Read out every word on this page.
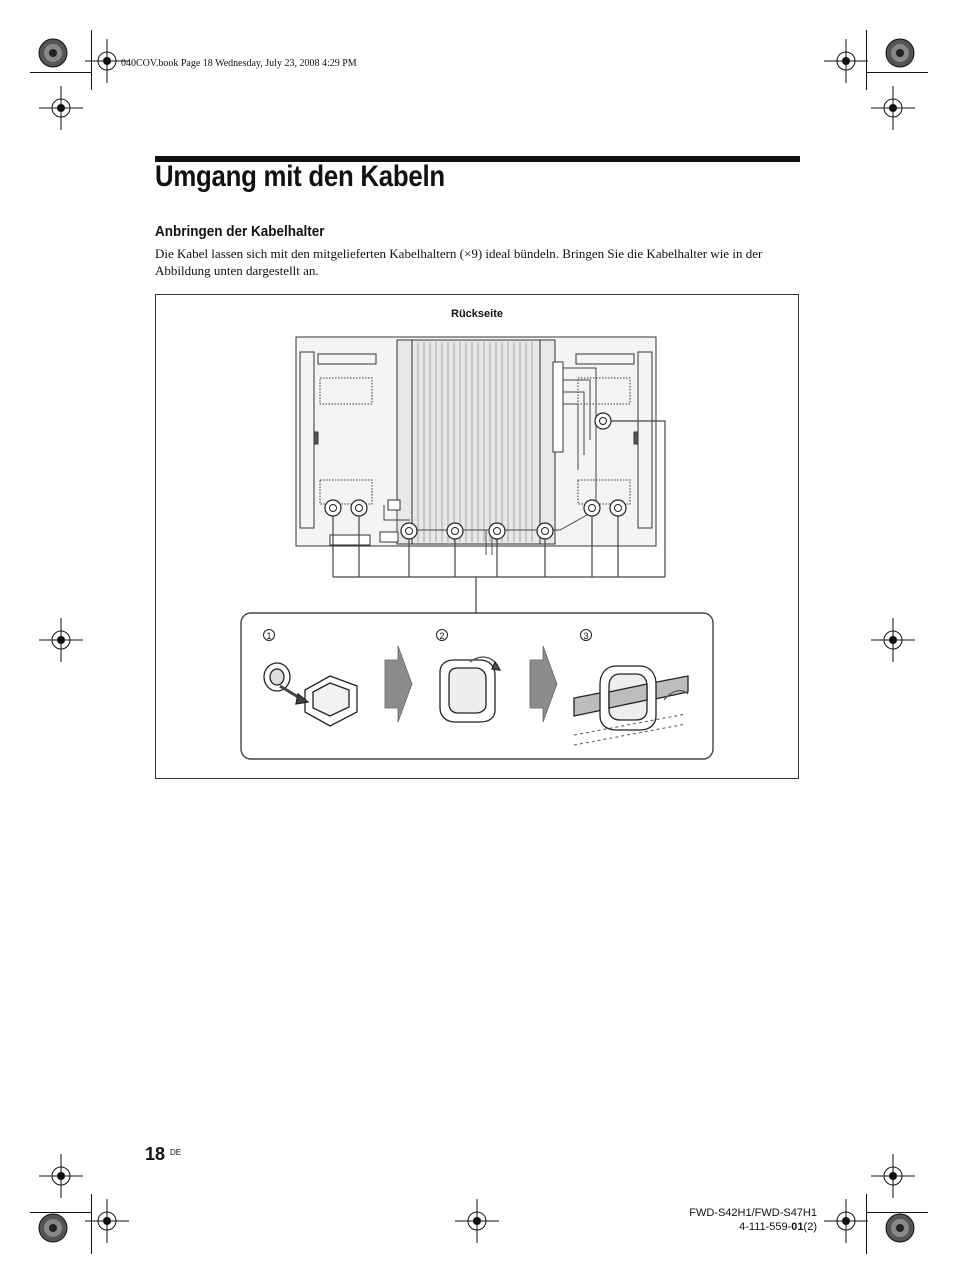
040COV.book Page 18 Wednesday, July 23, 2008 4:29 PM
Umgang mit den Kabeln
Anbringen der Kabelhalter
Die Kabel lassen sich mit den mitgelieferten Kabelhaltern (×9) ideal bündeln. Bringen Sie die Kabelhalter wie in der Abbildung unten dargestellt an.
Rückseite
1	2	3
18 DE
FWD-S42H1/FWD-S47H1
4-111-559-01(2)
